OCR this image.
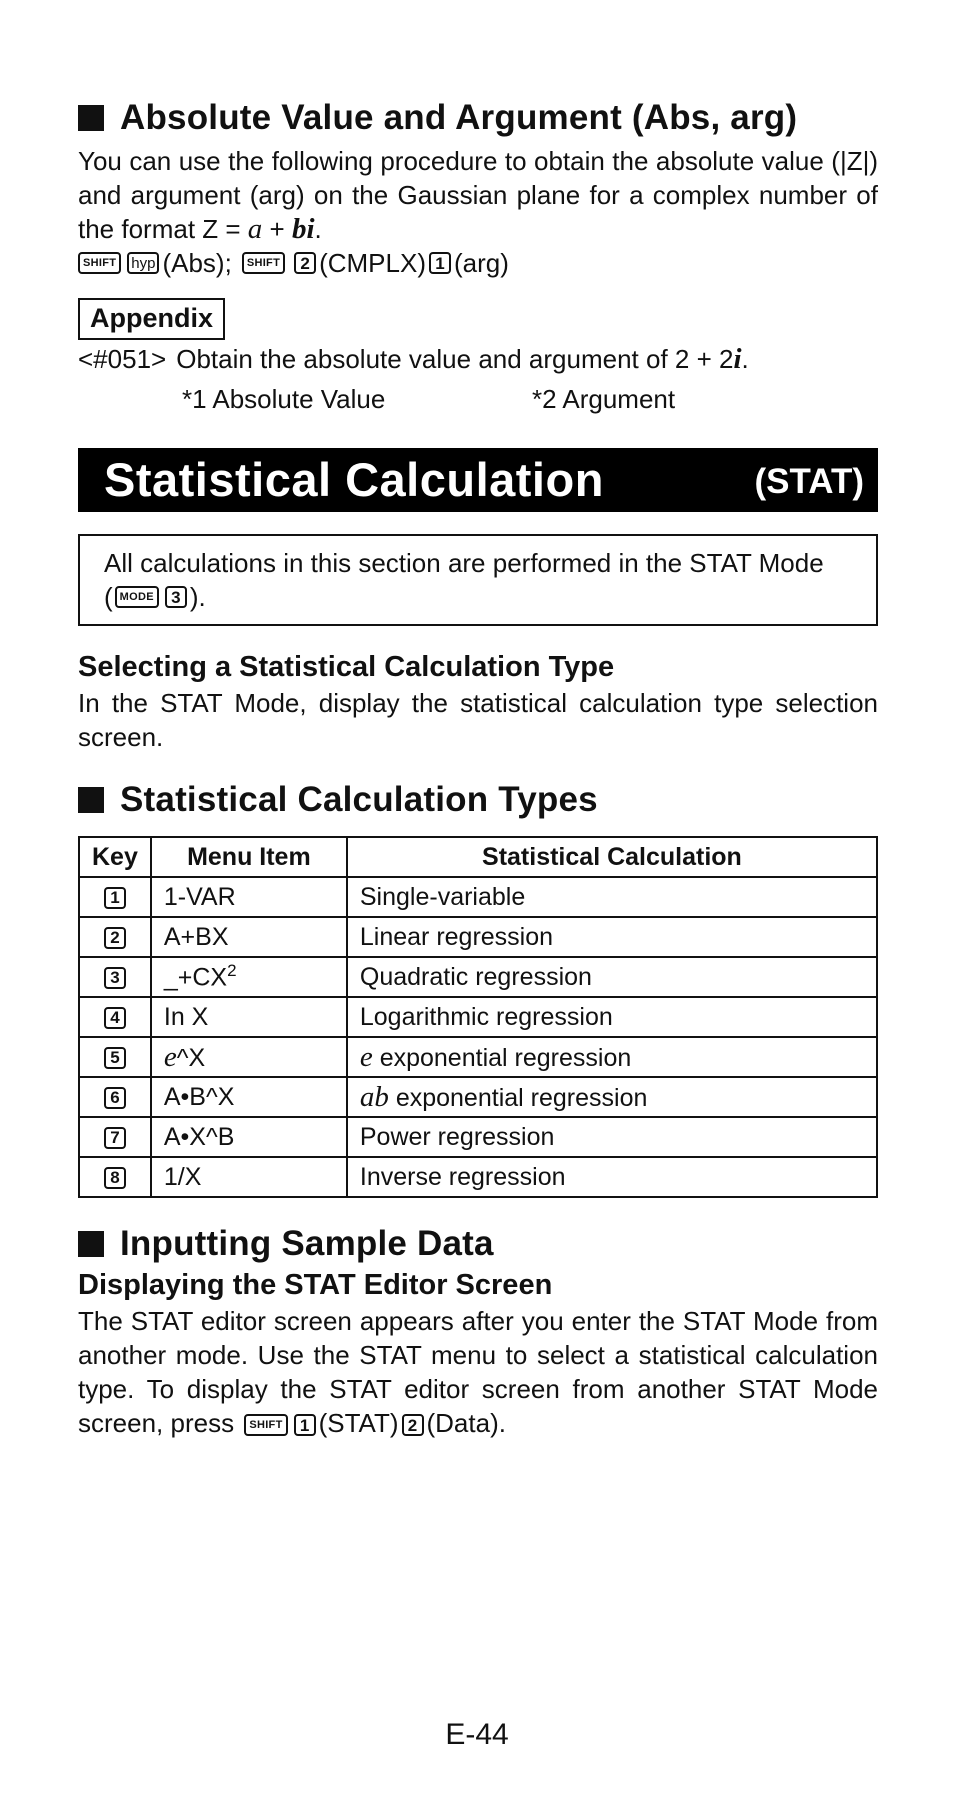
Absolute Value and Argument (Abs, arg)

You can use the following procedure to obtain the absolute value (|Z|) and argument (arg) on the Gaussian plane for a complex number of the format Z = a + bi.

SHIFT	hyp (Abs);	SHIFT	2 (CMPLX) 1 (arg)
Appendix
<#051> Obtain the absolute value and argument of 2 + 2 i .
*1 Absolute Value	*2 Argument
Statistical Calculation	(STAT)
All calculations in this section are performed in the STAT Mode
( MODE	3 ).
Selecting a Statistical Calculation Type

In the STAT Mode, display the statistical calculation type selection screen.

Statistical Calculation Types
Key	Menu Item	Statistical Calculation
1	1-VAR	Single-variable
2	A+BX	Linear regression
3	$\_+CX^2$	Quadratic regression
4	In X	Logarithmic regression
5	e^X	e exponential regression
6	A•B^X	ab exponential regression
7	A•X^B	Power regression
8	1/X	Inverse regression
Inputting Sample Data
Displaying the STAT Editor Screen

The STAT editor screen appears after you enter the STAT Mode from another mode. Use the STAT menu to select a statistical calculation type. To display the STAT editor screen from another STAT Mode screen, press SHIFT 1 (STAT) 2 (Data).

E-44
